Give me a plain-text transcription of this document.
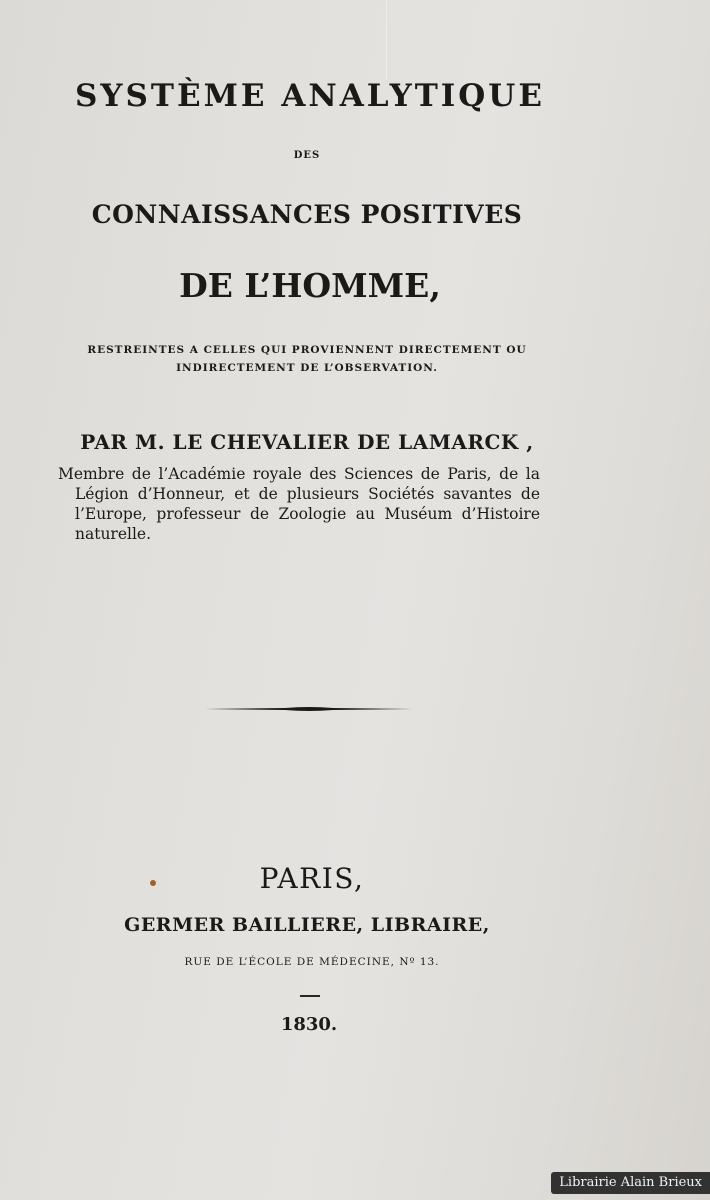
SYSTÈME ANALYTIQUE
DES
CONNAISSANCES POSITIVES
DE L’HOMME,
RESTREINTES A CELLES QUI PROVIENNENT DIRECTEMENT OU
INDIRECTEMENT DE L’OBSERVATION.
PAR M. LE CHEVALIER DE LAMARCK ,

Membre de l’Académie royale des Sciences de Paris, de la Légion d’Honneur, et de plusieurs Sociétés savantes de l’Europe, professeur de Zoologie au Muséum d’Histoire naturelle.

PARIS,
GERMER BAILLIERE, LIBRAIRE,
RUE DE L’ÉCOLE DE MÉDECINE, Nº 13.
1830.
Librairie Alain Brieux
